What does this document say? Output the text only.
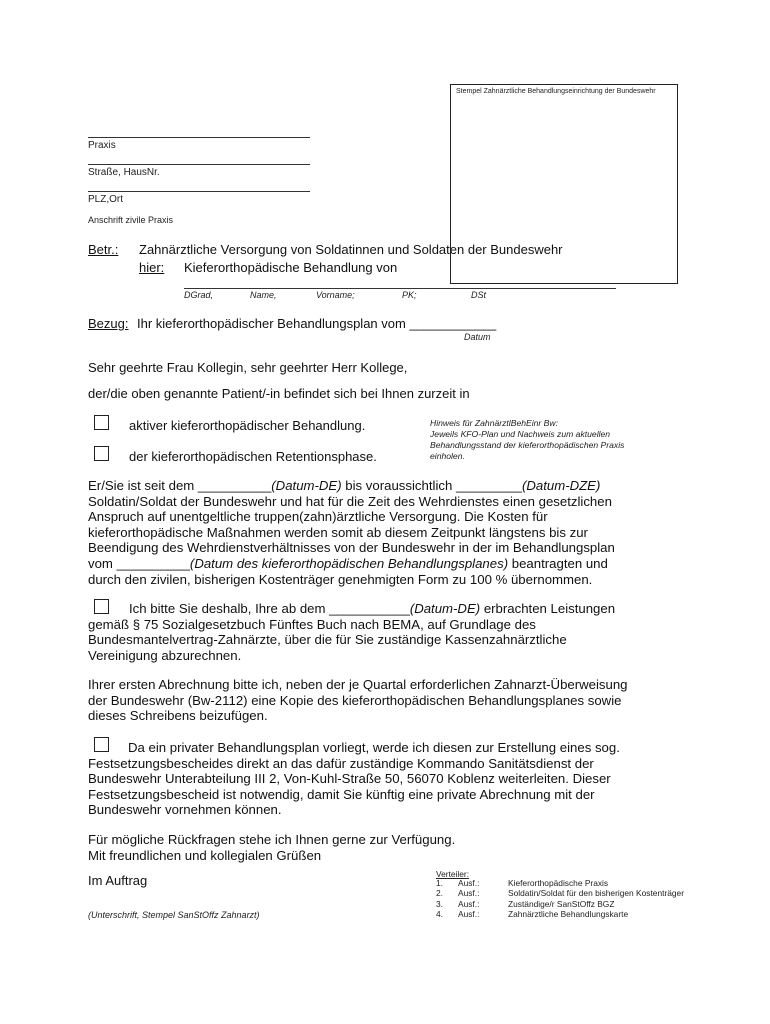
Stempel Zahnärztliche Behandlungseinrichtung der Bundeswehr
Praxis
Straße, HausNr.
PLZ,Ort
Anschrift zivile Praxis
Betr.: Zahnärztliche Versorgung von Soldatinnen und Soldaten der Bundeswehr
hier: Kieferorthopädische Behandlung von
DGrad,	Name,	Vorname;	PK;	DSt
Bezug: Ihr kieferorthopädischer Behandlungsplan vom ____________
Datum
Sehr geehrte Frau Kollegin, sehr geehrter Herr Kollege,
der/die oben genannte Patient/-in befindet sich bei Ihnen zurzeit in
aktiver kieferorthopädischer Behandlung.
der kieferorthopädischen Retentionsphase.
Hinweis für ZahnärztlBehEinr Bw:
Jeweils KFO-Plan und Nachweis zum aktuellen
Behandlungsstand der kieferorthopädischen Praxis
einholen.
Er/Sie ist seit dem __________(Datum-DE) bis voraussichtlich _________(Datum-DZE)
Soldatin/Soldat der Bundeswehr und hat für die Zeit des Wehrdienstes einen gesetzlichen
Anspruch auf unentgeltliche truppen(zahn)ärztliche Versorgung. Die Kosten für
kieferorthopädische Maßnahmen werden somit ab diesem Zeitpunkt längstens bis zur
Beendigung des Wehrdienstverhältnisses von der Bundeswehr in der im Behandlungsplan
vom __________(Datum des kieferorthopädischen Behandlungsplanes) beantragten und
durch den zivilen, bisherigen Kostenträger genehmigten Form zu 100 % übernommen.
Ich bitte Sie deshalb, Ihre ab dem ___________(Datum-DE) erbrachten Leistungen
gemäß § 75 Sozialgesetzbuch Fünftes Buch nach BEMA, auf Grundlage des
Bundesmantelvertrag-Zahnärzte, über die für Sie zuständige Kassenzahnärztliche
Vereinigung abzurechnen.
Ihrer ersten Abrechnung bitte ich, neben der je Quartal erforderlichen Zahnarzt-Überweisung
der Bundeswehr (Bw-2112) eine Kopie des kieferorthopädischen Behandlungsplanes sowie
dieses Schreibens beizufügen.
Da ein privater Behandlungsplan vorliegt, werde ich diesen zur Erstellung eines sog.
Festsetzungsbescheides direkt an das dafür zuständige Kommando Sanitätsdienst der
Bundeswehr Unterabteilung III 2, Von-Kuhl-Straße 50, 56070 Koblenz weiterleiten. Dieser
Festsetzungsbescheid ist notwendig, damit Sie künftig eine private Abrechnung mit der
Bundeswehr vornehmen können.
Für mögliche Rückfragen stehe ich Ihnen gerne zur Verfügung.
Mit freundlichen und kollegialen Grüßen
Im Auftrag
(Unterschrift, Stempel SanStOffz Zahnarzt)
Verteiler:
1.	Ausf.:	Kieferorthopädische Praxis
2.	Ausf.:	Soldatin/Soldat für den bisherigen Kostenträger
3.	Ausf.:	Zuständige/r SanStOffz BGZ
4.	Ausf.:	Zahnärztliche Behandlungskarte
